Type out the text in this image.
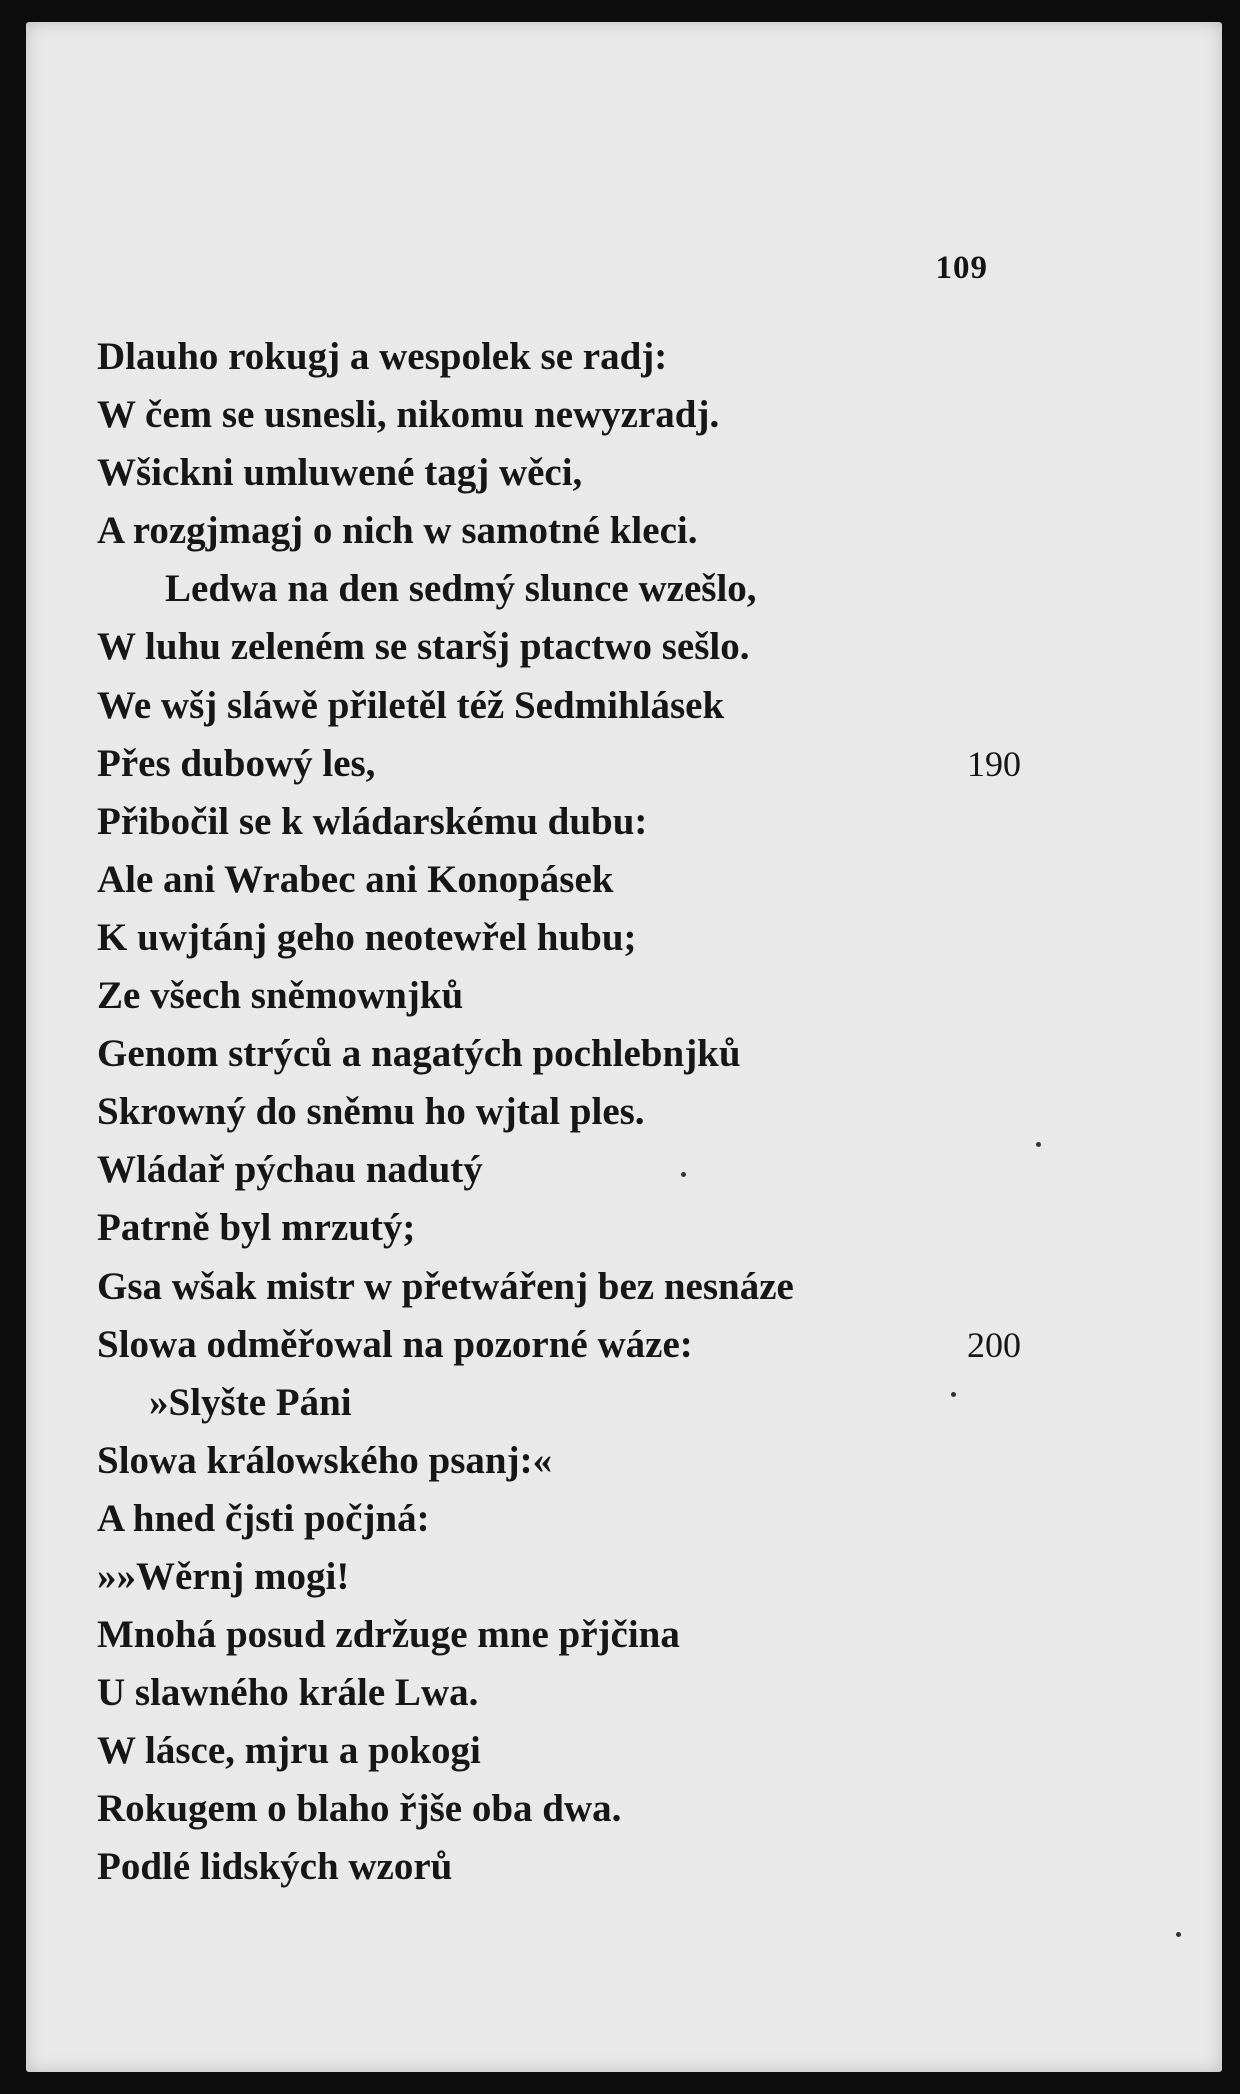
109
Dlauho rokugj a wespolek se radj:
W čem se usnesli, nikomu newyzradj.
Wšickni umluwené tagj wěci,
A rozgjmagj o nich w samotné kleci.
Ledwa na den sedmý slunce wzešlo,
W luhu zeleném se staršj ptactwo sešlo.
We wšj sláwě přiletěl též Sedmihlásek
Přes dubowý les,	190
Přibočil se k wládarskému dubu:
Ale ani Wrabec ani Konopásek
K uwjtánj geho neotewřel hubu;
Ze všech sněmownjků
Genom strýců a nagatých pochlebnjků
Skrowný do sněmu ho wjtal ples.
Wládař pýchau nadutý
Patrně byl mrzutý;
Gsa wšak mistr w přetwářenj bez nesnáze
Slowa odměřowal na pozorné wáze:	200
»Slyšte Páni
Slowa králowského psanj:«
A hned čjsti počjná:
»»Wěrnj mogi!
Mnohá posud zdržuge mne přjčina
U slawného krále Lwa.
W lásce, mjru a pokogi
Rokugem o blaho řjše oba dwa.
Podlé lidských wzorů
